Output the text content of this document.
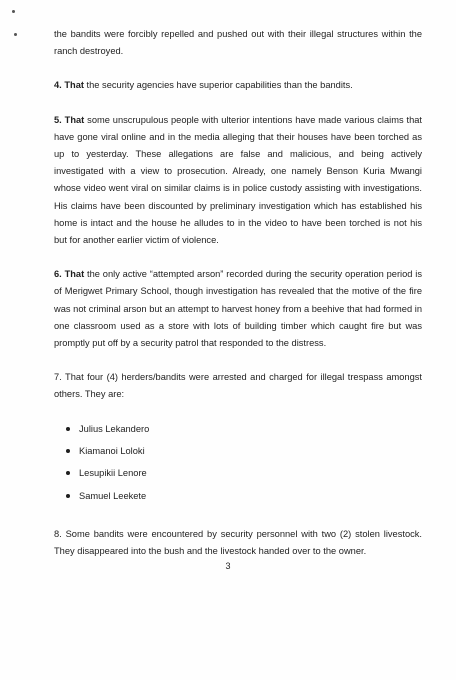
the bandits were forcibly repelled and pushed out with their illegal structures within the ranch destroyed.

4. That the security agencies have superior capabilities than the bandits.

5. That some unscrupulous people with ulterior intentions have made various claims that have gone viral online and in the media alleging that their houses have been torched as up to yesterday. These allegations are false and malicious, and being actively investigated with a view to prosecution. Already, one namely Benson Kuria Mwangi whose video went viral on similar claims is in police custody assisting with investigations. His claims have been discounted by preliminary investigation which has established his home is intact and the house he alludes to in the video to have been torched is not his but for another earlier victim of violence.

6. That the only active “attempted arson” recorded during the security operation period is of Merigwet Primary School, though investigation has revealed that the motive of the fire was not criminal arson but an attempt to harvest honey from a beehive that had formed in one classroom used as a store with lots of building timber which caught fire but was promptly put off by a security patrol that responded to the distress.

7. That four (4) herders/bandits were arrested and charged for illegal trespass amongst others. They are:

Julius Lekandero
Kiamanoi Loloki
Lesupikii Lenore
Samuel Leekete

8. Some bandits were encountered by security personnel with two (2) stolen livestock. They disappeared into the bush and the livestock handed over to the owner.

3
